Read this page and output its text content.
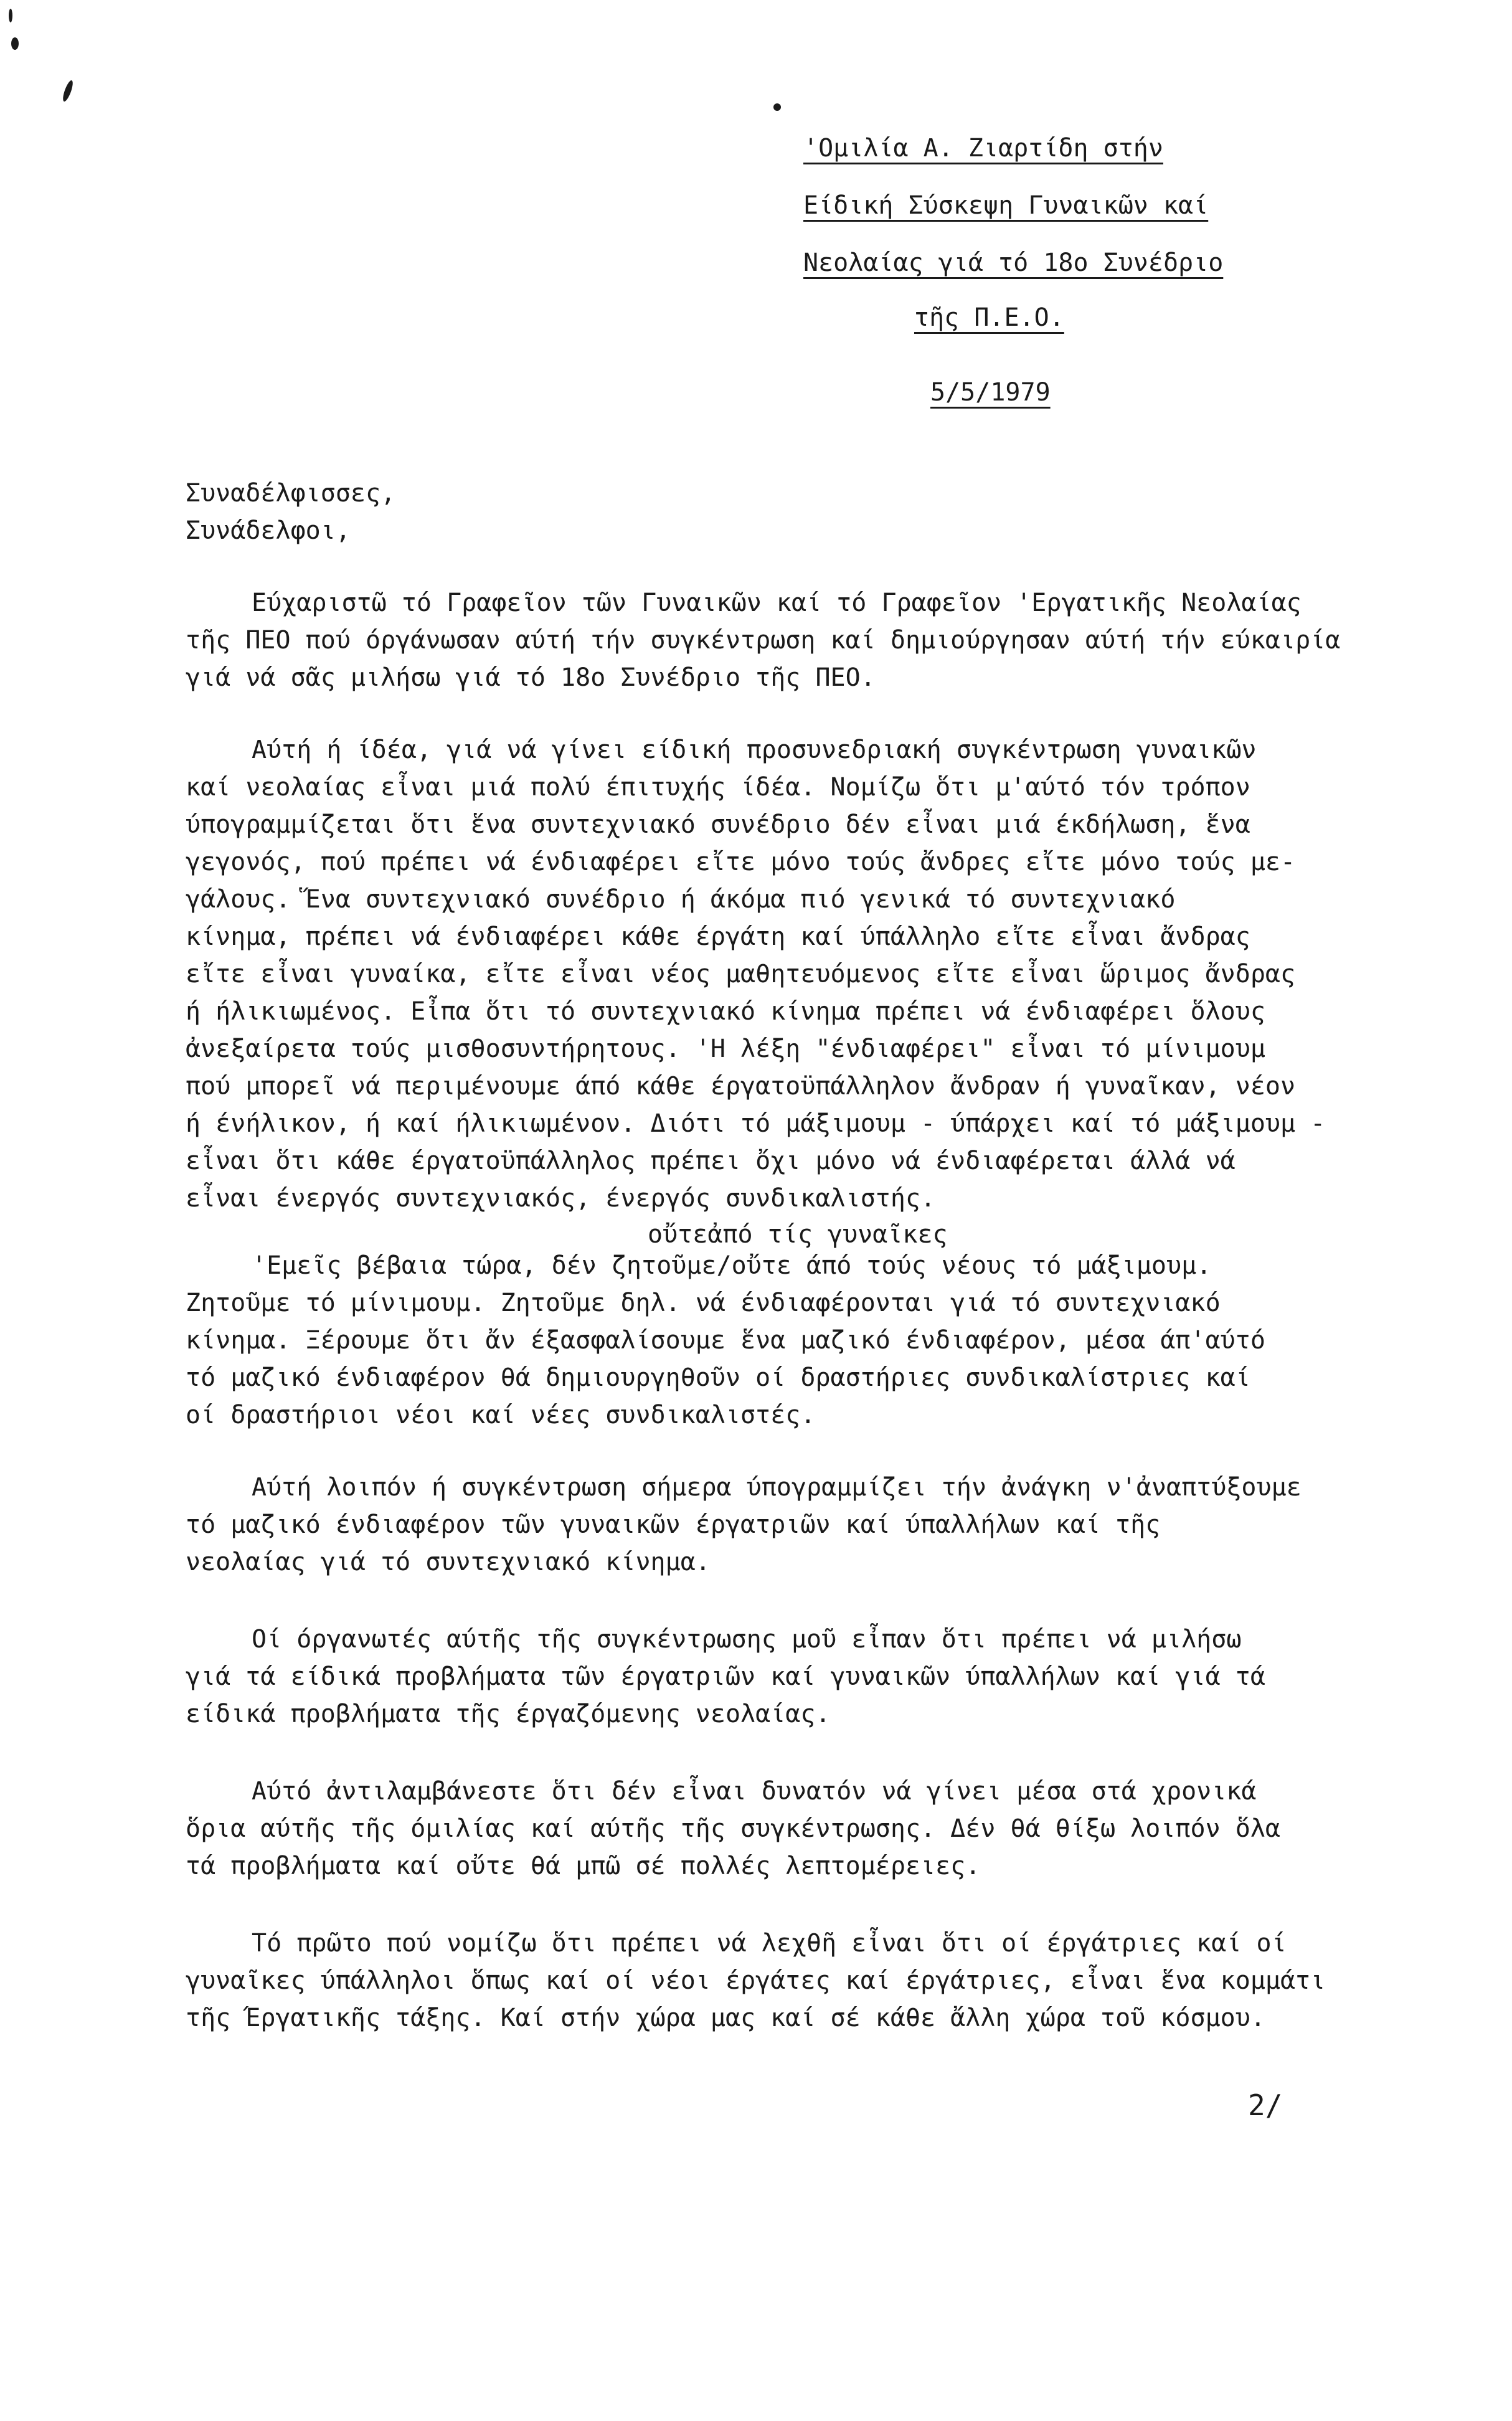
'Ομιλία Α. Ζιαρτίδη στήν
Είδική Σύσκεψη Γυναικῶν καί
Νεολαίας γιά τό 18ο Συνέδριο
τῆς Π.Ε.Ο.
5/5/1979
Συναδέλφισσες,
Συνάδελφοι,
Εύχαριστῶ τό Γραφεῖον τῶν Γυναικῶν καί τό Γραφεῖον 'Εργατικῆς Νεολαίας
τῆς ΠΕΟ πού όργάνωσαν αύτή τήν συγκέντρωση καί δημιούργησαν αύτή τήν εύκαιρία
γιά νά σᾶς μιλήσω γιά τό 18ο Συνέδριο τῆς ΠΕΟ.
Αύτή ή ίδέα, γιά νά γίνει είδική προσυνεδριακή συγκέντρωση γυναικῶν
καί νεολαίας εἶναι μιά πολύ έπιτυχής ίδέα. Νομίζω ὅτι μ'αύτό τόν τρόπον
ύπογραμμίζεται ὅτι ἕνα συντεχνιακό συνέδριο δέν εἶναι μιά έκδήλωση, ἕνα
γεγονός, πού πρέπει νά ένδιαφέρει εἴτε μόνο τούς ἄνδρες εἴτε μόνο τούς με-
γάλους. Ἕνα συντεχνιακό συνέδριο ή άκόμα πιό γενικά τό συντεχνιακό
κίνημα, πρέπει νά ένδιαφέρει κάθε έργάτη καί ύπάλληλο εἴτε εἶναι ἄνδρας
εἴτε εἶναι γυναίκα, εἴτε εἶναι νέος μαθητευόμενος εἴτε εἶναι ὥριμος ἄνδρας
ή ήλικιωμένος. Εἶπα ὅτι τό συντεχνιακό κίνημα πρέπει νά ένδιαφέρει ὅλους
ἀνεξαίρετα τούς μισθοσυντήρητους. 'Η λέξη "ένδιαφέρει" εἶναι τό μίνιμουμ
πού μπορεῖ νά περιμένουμε άπό κάθε έργατοϋπάλληλον ἄνδραν ή γυναῖκαν, νέον
ή ένήλικον, ή καί ήλικιωμένον. Διότι τό μάξιμουμ - ύπάρχει καί τό μάξιμουμ -
εἶναι ὅτι κάθε έργατοϋπάλληλος πρέπει ὄχι μόνο νά ένδιαφέρεται άλλά νά
εἶναι ένεργός συντεχνιακός, ένεργός συνδικαλιστής.
οὔτεἀπό τίς γυναῖκες
'Εμεῖς βέβαια τώρα, δέν ζητοῦμε/οὔτε άπό τούς νέους τό μάξιμουμ.
Ζητοῦμε τό μίνιμουμ. Ζητοῦμε δηλ. νά ένδιαφέρονται γιά τό συντεχνιακό
κίνημα. Ξέρουμε ὅτι ἄν έξασφαλίσουμε ἕνα μαζικό ένδιαφέρον, μέσα άπ'αύτό
τό μαζικό ένδιαφέρον θά δημιουργηθοῦν οί δραστήριες συνδικαλίστριες καί
οί δραστήριοι νέοι καί νέες συνδικαλιστές.
Αύτή λοιπόν ή συγκέντρωση σήμερα ύπογραμμίζει τήν ἀνάγκη ν'ἀναπτύξουμε
τό μαζικό ένδιαφέρον τῶν γυναικῶν έργατριῶν καί ύπαλλήλων καί τῆς
νεολαίας γιά τό συντεχνιακό κίνημα.
Οί όργανωτές αύτῆς τῆς συγκέντρωσης μοῦ εἶπαν ὅτι πρέπει νά μιλήσω
γιά τά είδικά προβλήματα τῶν έργατριῶν καί γυναικῶν ύπαλλήλων καί γιά τά
είδικά προβλήματα τῆς έργαζόμενης νεολαίας.
Αύτό ἀντιλαμβάνεστε ὅτι δέν εἶναι δυνατόν νά γίνει μέσα στά χρονικά
ὅρια αύτῆς τῆς όμιλίας καί αύτῆς τῆς συγκέντρωσης. Δέν θά θίξω λοιπόν ὅλα
τά προβλήματα καί οὔτε θά μπῶ σέ πολλές λεπτομέρειες.
Τό πρῶτο πού νομίζω ὅτι πρέπει νά λεχθῆ εἶναι ὅτι οί έργάτριες καί οί
γυναῖκες ύπάλληλοι ὅπως καί οί νέοι έργάτες καί έργάτριες, εἶναι ἕνα κομμάτι
τῆς Έργατικῆς τάξης. Καί στήν χώρα μας καί σέ κάθε ἄλλη χώρα τοῦ κόσμου.
2/
